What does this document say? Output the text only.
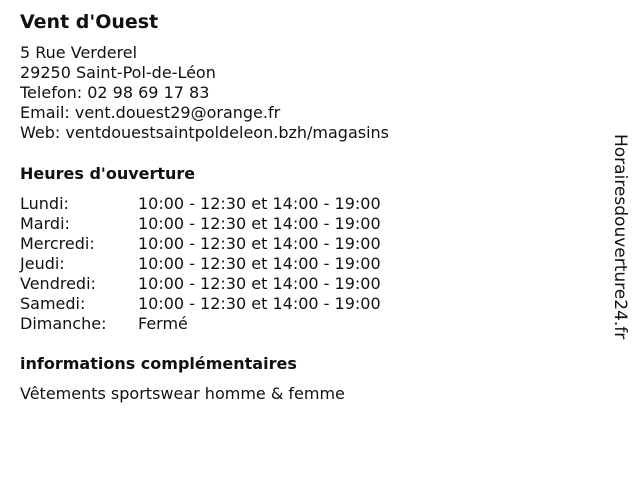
Vent d'Ouest
5 Rue Verderel
29250 Saint-Pol-de-Léon
Telefon: 02 98 69 17 83
Email: vent.douest29@orange.fr
Web: ventdouestsaintpoldeleon.bzh/magasins
Heures d'ouverture
Lundi:	10:00 - 12:30 et 14:00 - 19:00
Mardi:	10:00 - 12:30 et 14:00 - 19:00
Mercredi:	10:00 - 12:30 et 14:00 - 19:00
Jeudi:	10:00 - 12:30 et 14:00 - 19:00
Vendredi:	10:00 - 12:30 et 14:00 - 19:00
Samedi:	10:00 - 12:30 et 14:00 - 19:00
Dimanche:	Fermé
informations complémentaires
Vêtements sportswear homme & femme
Horairesdouverture24.fr
